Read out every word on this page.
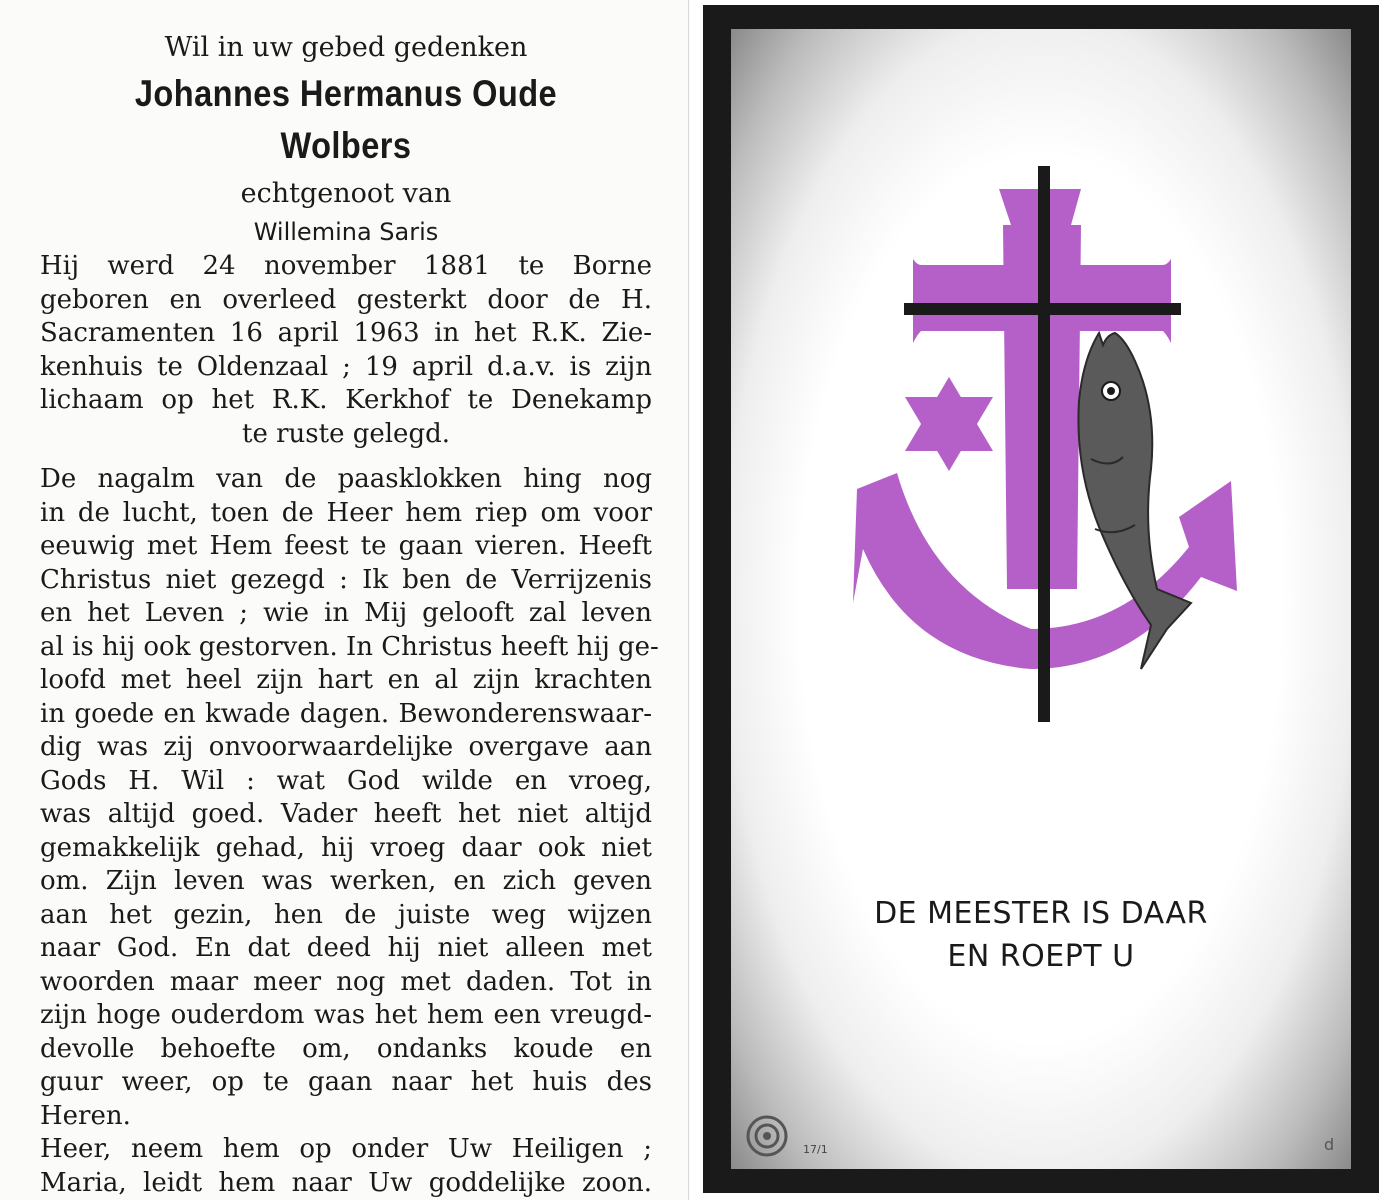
Wil in uw gebed gedenken

Johannes Hermanus Oude Wolbers

echtgenoot van

Willemina Saris

Hij werd 24 november 1881 te Borne
geboren en overleed gesterkt door de H.
Sacramenten 16 april 1963 in het R.K. Zie-
kenhuis te Oldenzaal ; 19 april d.a.v. is zijn
lichaam op het R.K. Kerkhof te Denekamp
te ruste gelegd.
De nagalm van de paasklokken hing nog
in de lucht, toen de Heer hem riep om voor
eeuwig met Hem feest te gaan vieren. Heeft
Christus niet gezegd : Ik ben de Verrijzenis
en het Leven ; wie in Mij gelooft zal leven
al is hij ook gestorven. In Christus heeft hij ge-
loofd met heel zijn hart en al zijn krachten
in goede en kwade dagen. Bewonderenswaar-
dig was zij onvoorwaardelijke overgave aan
Gods H. Wil : wat God wilde en vroeg,
was altijd goed. Vader heeft het niet altijd
gemakkelijk gehad, hij vroeg daar ook niet
om. Zijn leven was werken, en zich geven
aan het gezin, hen de juiste weg wijzen
naar God. En dat deed hij niet alleen met
woorden maar meer nog met daden. Tot in
zijn hoge ouderdom was het hem een vreugd-
devolle behoefte om, ondanks koude en
guur weer, op te gaan naar het huis des
Heren.
Heer, neem hem op onder Uw Heiligen ;
Maria, leidt hem naar Uw goddelijke zoon.
DE MEESTER IS DAAR
EN ROEPT U
17/1	d
